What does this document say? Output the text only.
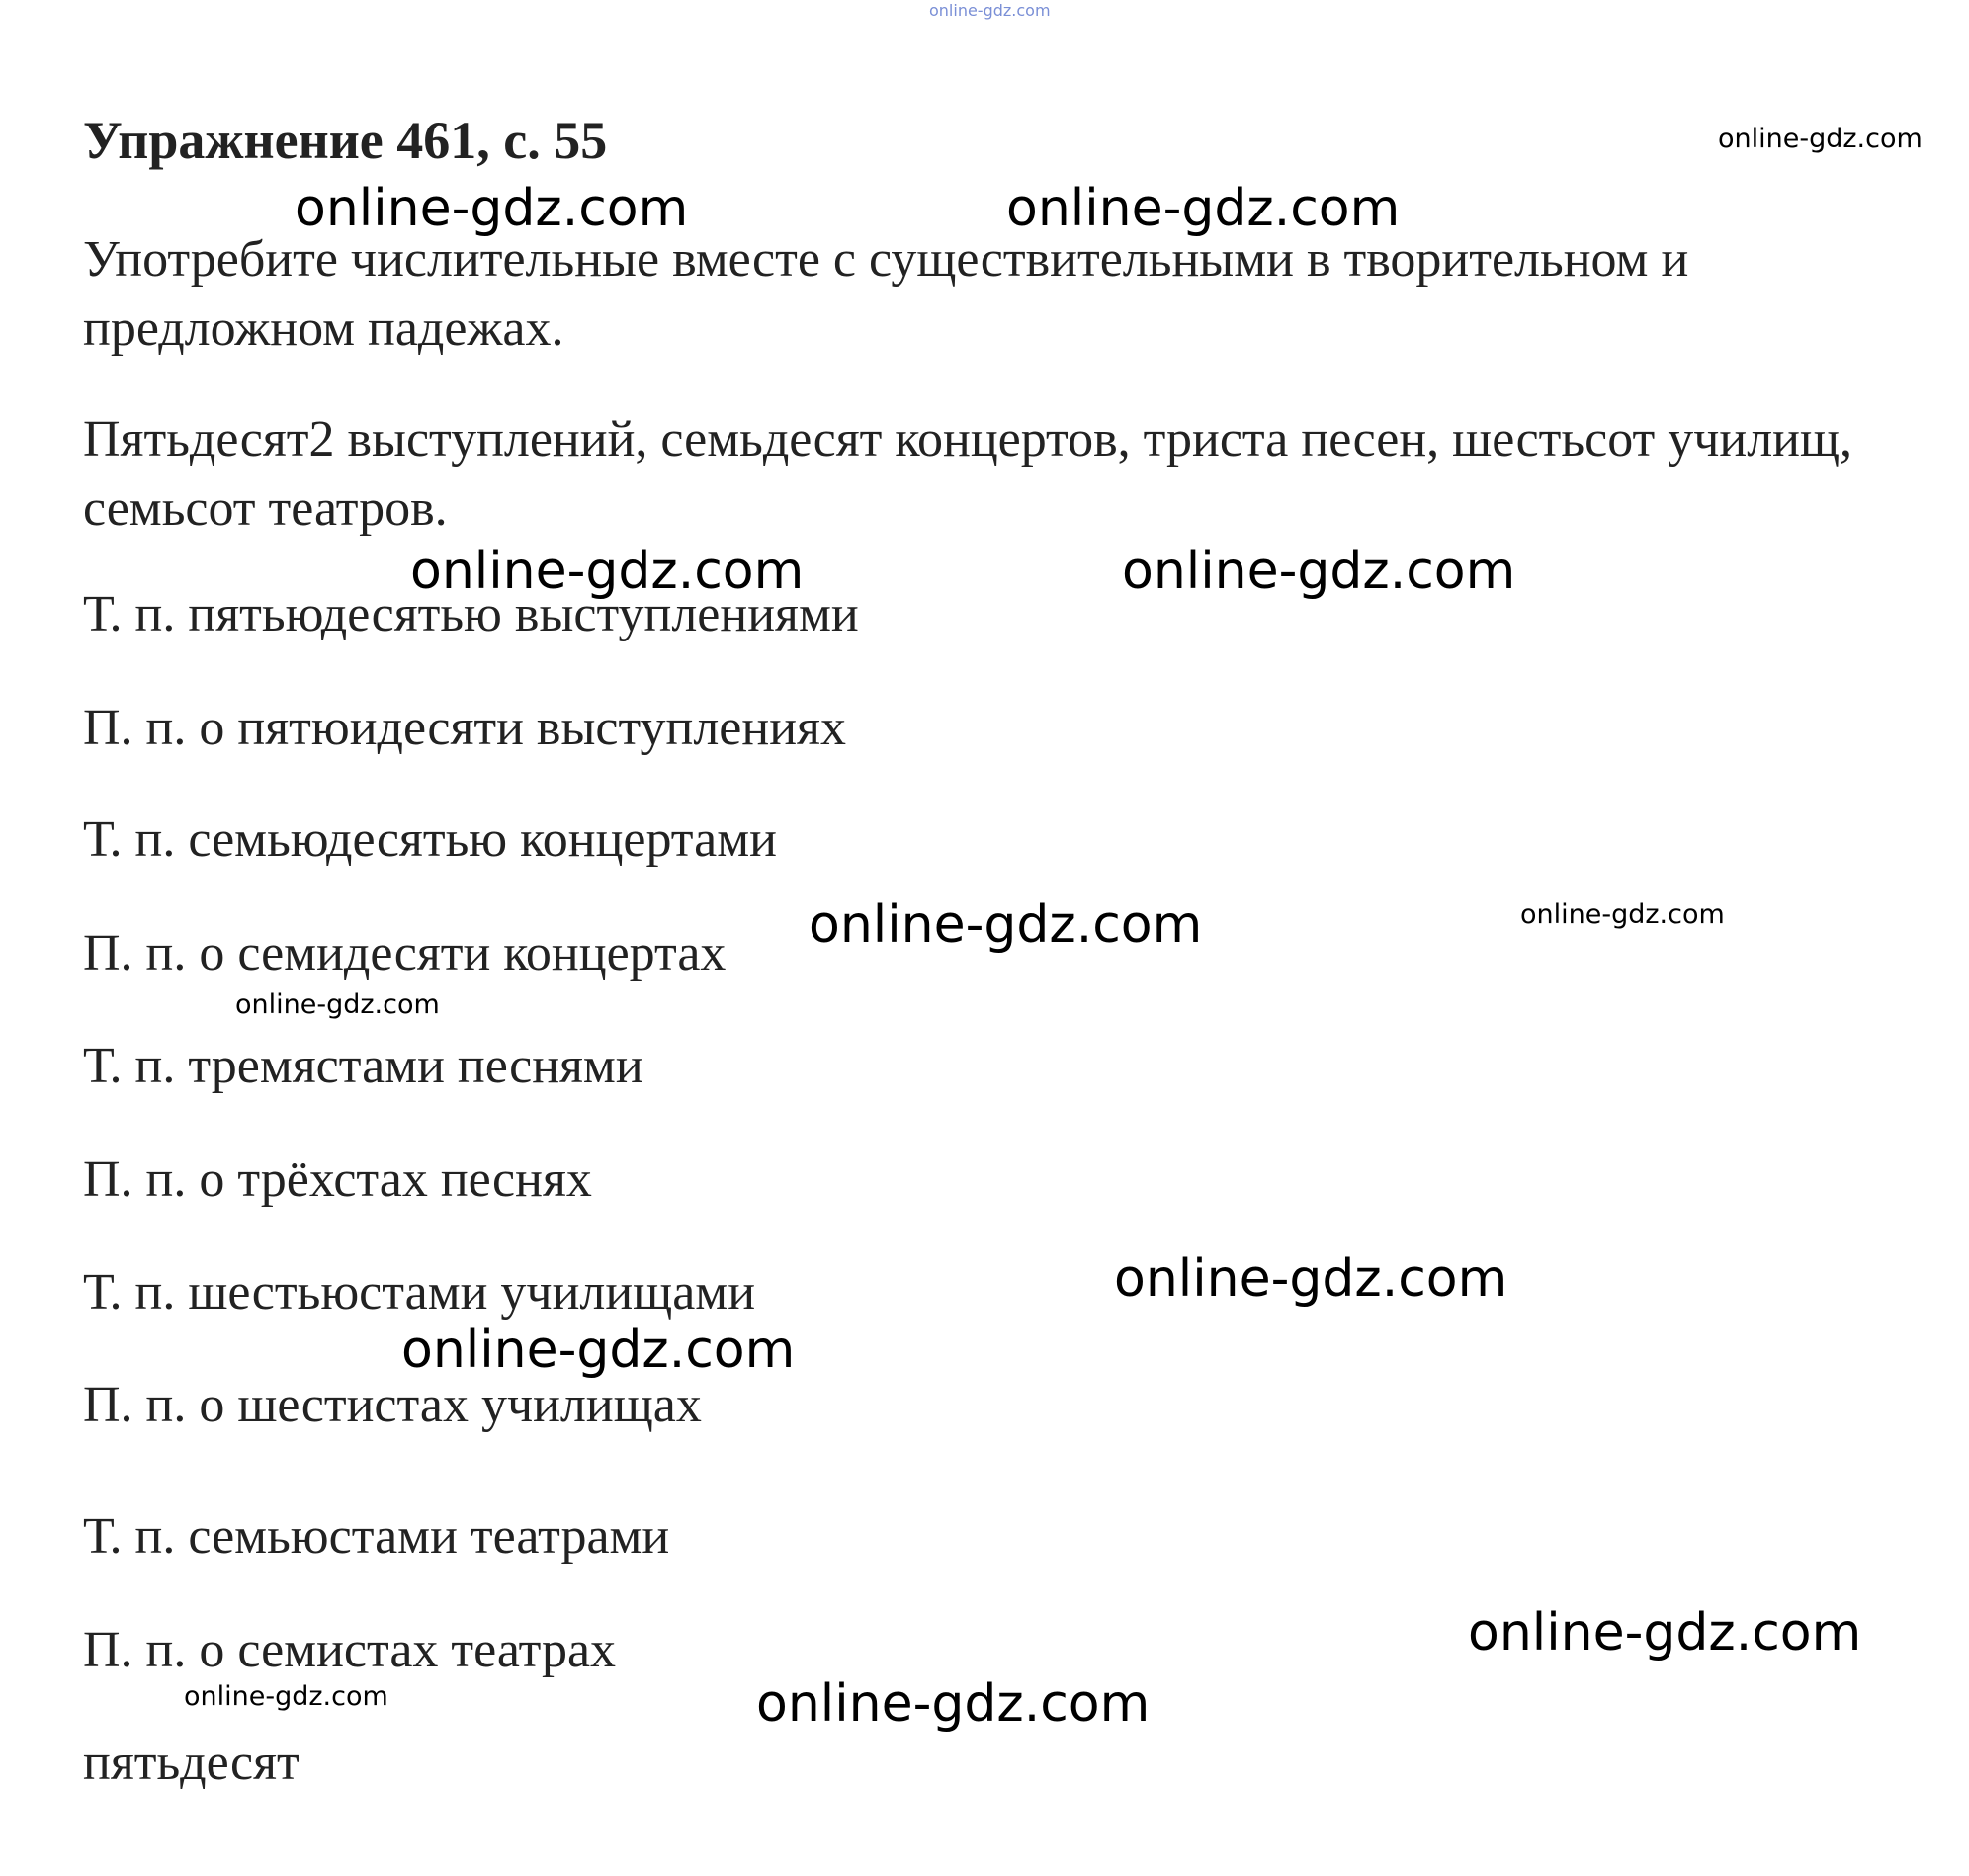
online-gdz.com
Упражнение 461, с. 55	online-gdz.com
online-gdz.com	online-gdz.com
Употребите числительные вместе с существительными в творительном и предложном падежах.
Пятьдесят2 выступлений, семьдесят концертов, триста песен, шестьсот училищ, семьсот театров.
online-gdz.com	online-gdz.com
Т. п. пятьюдесятью выступлениями
П. п. о пятюидесяти выступлениях
Т. п. семьюдесятью концертами
online-gdz.com	online-gdz.com
П. п. о семидесяти концертах
online-gdz.com
Т. п. тремястами песнями
П. п. о трёхстах песнях
online-gdz.com
Т. п. шестьюстами училищами
online-gdz.com
П. п. о шестистах училищах
Т. п. семьюстами театрами
online-gdz.com
П. п. о семистах театрах
online-gdz.com	online-gdz.com
пятьдесят
